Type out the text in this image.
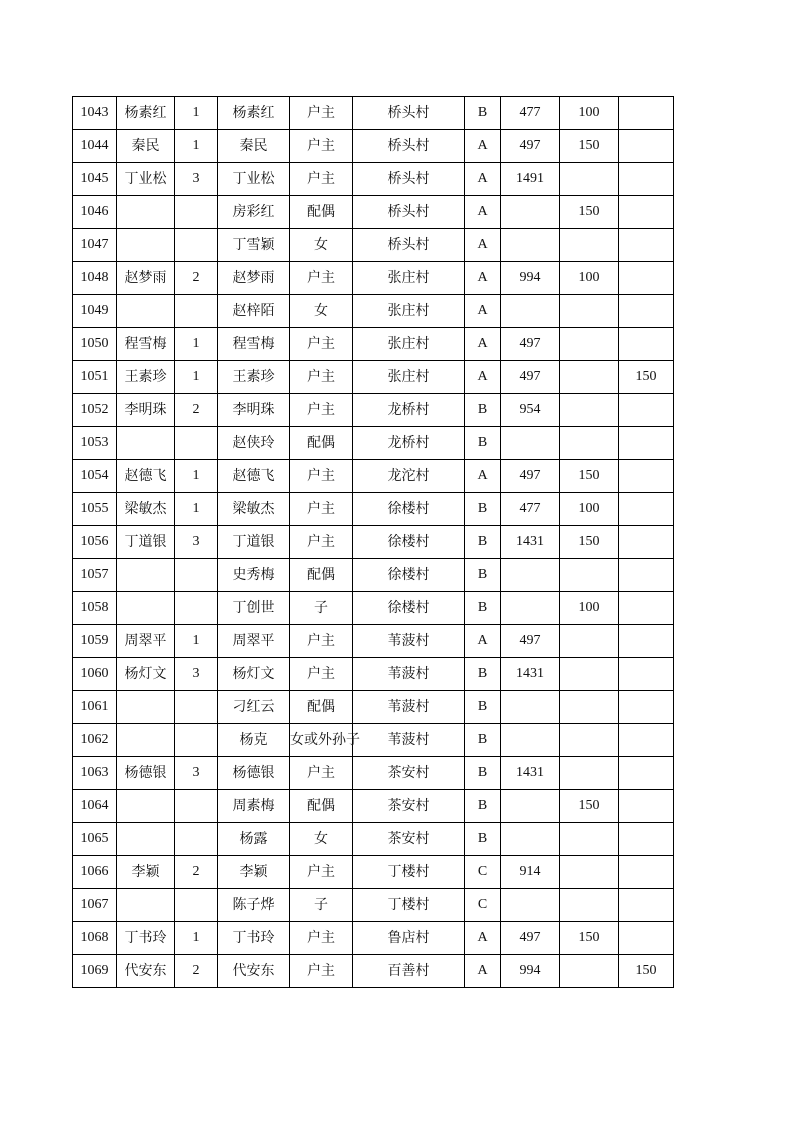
1043	杨素红	1	杨素红	户主	桥头村	B	477	100	
1044	秦民	1	秦民	户主	桥头村	A	497	150	
1045	丁业松	3	丁业松	户主	桥头村	A	1491		
1046			房彩红	配偶	桥头村	A		150	
1047			丁雪颖	女	桥头村	A			
1048	赵梦雨	2	赵梦雨	户主	张庄村	A	994	100	
1049			赵梓陌	女	张庄村	A			
1050	程雪梅	1	程雪梅	户主	张庄村	A	497		
1051	王素珍	1	王素珍	户主	张庄村	A	497		150
1052	李明珠	2	李明珠	户主	龙桥村	B	954		
1053			赵侠玲	配偶	龙桥村	B			
1054	赵德飞	1	赵德飞	户主	龙沱村	A	497	150	
1055	梁敏杰	1	梁敏杰	户主	徐楼村	B	477	100	
1056	丁道银	3	丁道银	户主	徐楼村	B	1431	150	
1057			史秀梅	配偶	徐楼村	B			
1058			丁创世	子	徐楼村	B		100	
1059	周翠平	1	周翠平	户主	苇菠村	A	497		
1060	杨灯文	3	杨灯文	户主	苇菠村	B	1431		
1061			刁红云	配偶	苇菠村	B			
1062			杨克	女或外孙子	苇菠村	B			
1063	杨德银	3	杨德银	户主	茶安村	B	1431		
1064			周素梅	配偶	茶安村	B		150	
1065			杨露	女	茶安村	B			
1066	李颖	2	李颖	户主	丁楼村	C	914		
1067			陈子烨	子	丁楼村	C			
1068	丁书玲	1	丁书玲	户主	鲁店村	A	497	150	
1069	代安东	2	代安东	户主	百善村	A	994		150
